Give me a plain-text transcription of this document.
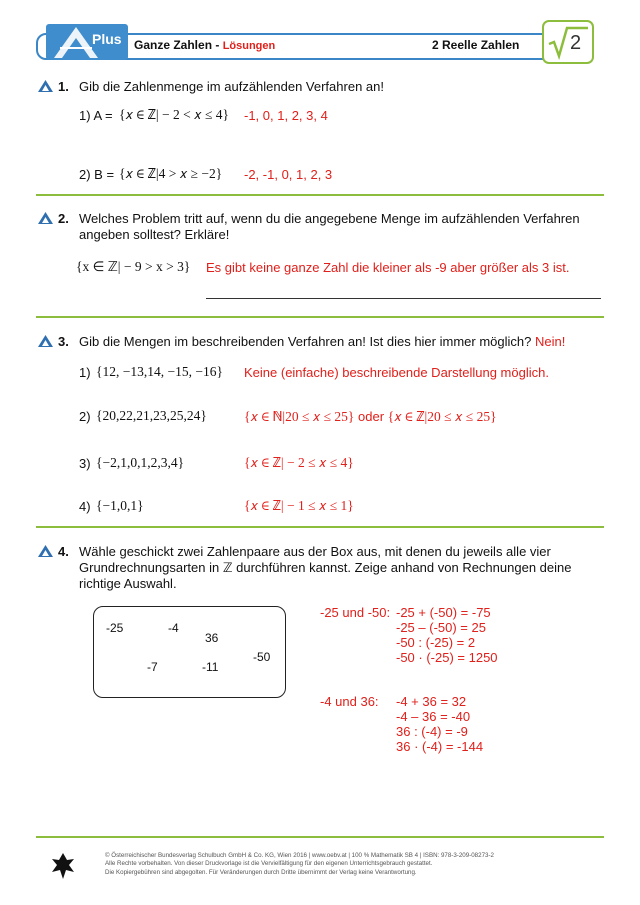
Plus Ganze Zahlen - Lösungen	2 Reelle Zahlen	2
1. Gib die Zahlenmenge im aufzählenden Verfahren an!
1) A = {𝑥 ∈ ℤ| − 2 < 𝑥 ≤ 4} -1, 0, 1, 2, 3, 4
2) B = {𝑥 ∈ ℤ|4 > 𝑥 ≥ −2} -2, -1, 0, 1, 2, 3
2. Welches Problem tritt auf, wenn du die angegebene Menge im aufzählenden Verfahren
angeben solltest? Erkläre!
{x ∈ ℤ| − 9 > x > 3} Es gibt keine ganze Zahl die kleiner als -9 aber größer als 3 ist.
3. Gib die Mengen im beschreibenden Verfahren an! Ist dies hier immer möglich? Nein!
1) {12, −13,14, −15, −16} Keine (einfache) beschreibende Darstellung möglich.
2) {20,22,21,23,25,24}	{𝑥 ∈ ℕ|20 ≤ 𝑥 ≤ 25} oder {𝑥 ∈ ℤ|20 ≤ 𝑥 ≤ 25}
3) {−2,1,0,1,2,3,4}	{𝑥 ∈ ℤ| − 2 ≤ 𝑥 ≤ 4}
4) {−1,0,1}	{𝑥 ∈ ℤ| − 1 ≤ 𝑥 ≤ 1}
4. Wähle geschickt zwei Zahlenpaare aus der Box aus, mit denen du jeweils alle vier
Grundrechnungsarten in ℤ durchführen kannst. Zeige anhand von Rechnungen deine
richtige Auswahl.
-25	-4
36
-50
-7	-11
-25 und -50: -25 + (-50) = -75
-25 – (-50) = 25
-50 : (-25) = 2
-50 · (-25) = 1250
-4 und 36: -4 + 36 = 32
-4 – 36 = -40
36 : (-4) = -9
36 · (-4) = -144
© Österreichischer Bundesverlag Schulbuch GmbH & Co. KG, Wien 2016 | www.oebv.at | 100 % Mathematik SB 4 | ISBN: 978-3-209-08273-2
Alle Rechte vorbehalten. Von dieser Druckvorlage ist die Vervielfältigung für den eigenen Unterrichtsgebrauch gestattet.
Die Kopiergebühren sind abgegolten. Für Veränderungen durch Dritte übernimmt der Verlag keine Verantwortung.
